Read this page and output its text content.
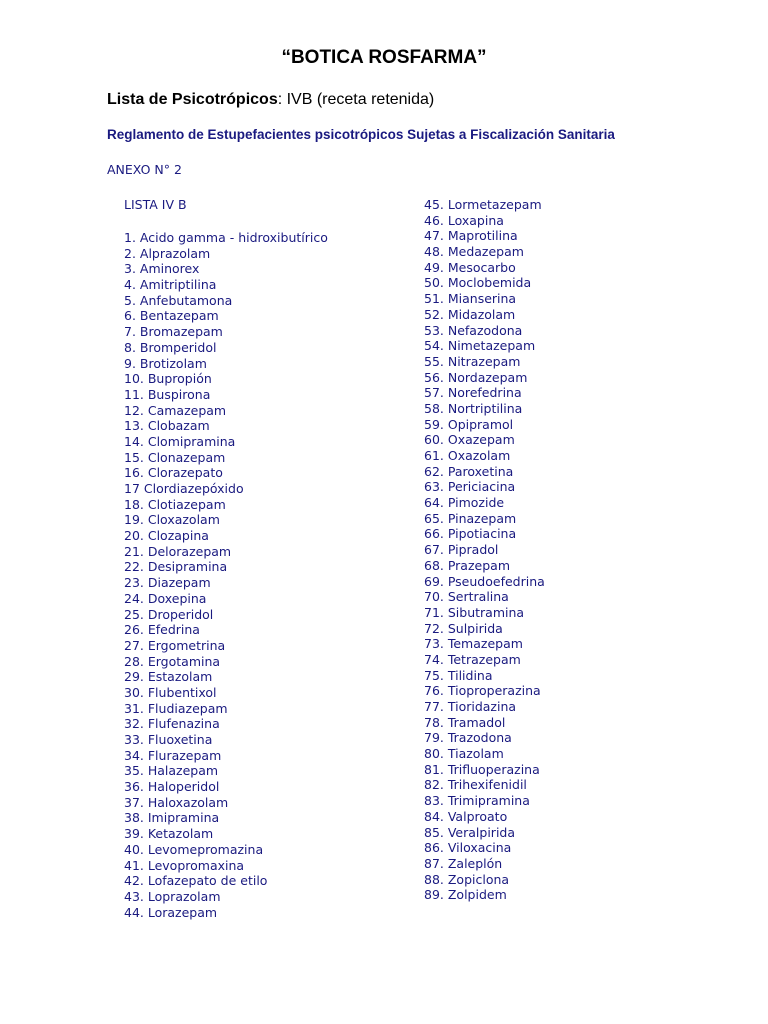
“BOTICA ROSFARMA”
Lista de Psicotrópicos: IVB (receta retenida)
Reglamento de Estupefacientes psicotrópicos Sujetas a Fiscalización Sanitaria
ANEXO N° 2
LISTA IV B
1. Acido gamma - hidroxibutírico
2. Alprazolam
3. Aminorex
4. Amitriptilina
5. Anfebutamona
6. Bentazepam
7. Bromazepam
8. Bromperidol
9. Brotizolam
10. Bupropión
11. Buspirona
12. Camazepam
13. Clobazam
14. Clomipramina
15. Clonazepam
16. Clorazepato
17 Clordiazepóxido
18. Clotiazepam
19. Cloxazolam
20. Clozapina
21. Delorazepam
22. Desipramina
23. Diazepam
24. Doxepina
25. Droperidol
26. Efedrina
27. Ergometrina
28. Ergotamina
29. Estazolam
30. Flubentixol
31. Fludiazepam
32. Flufenazina
33. Fluoxetina
34. Flurazepam
35. Halazepam
36. Haloperidol
37. Haloxazolam
38. Imipramina
39. Ketazolam
40. Levomepromazina
41. Levopromaxina
42. Lofazepato de etilo
43. Loprazolam
44. Lorazepam
45. Lormetazepam
46. Loxapina
47. Maprotilina
48. Medazepam
49. Mesocarbo
50. Moclobemida
51. Mianserina
52. Midazolam
53. Nefazodona
54. Nimetazepam
55. Nitrazepam
56. Nordazepam
57. Norefedrina
58. Nortriptilina
59. Opipramol
60. Oxazepam
61. Oxazolam
62. Paroxetina
63. Periciacina
64. Pimozide
65. Pinazepam
66. Pipotiacina
67. Pipradol
68. Prazepam
69. Pseudoefedrina
70. Sertralina
71. Sibutramina
72. Sulpirida
73. Temazepam
74. Tetrazepam
75. Tilidina
76. Tioproperazina
77. Tioridazina
78. Tramadol
79. Trazodona
80. Tiazolam
81. Trifluoperazina
82. Trihexifenidil
83. Trimipramina
84. Valproato
85. Veralpirida
86. Viloxacina
87. Zaleplón
88. Zopiclona
89. Zolpidem
